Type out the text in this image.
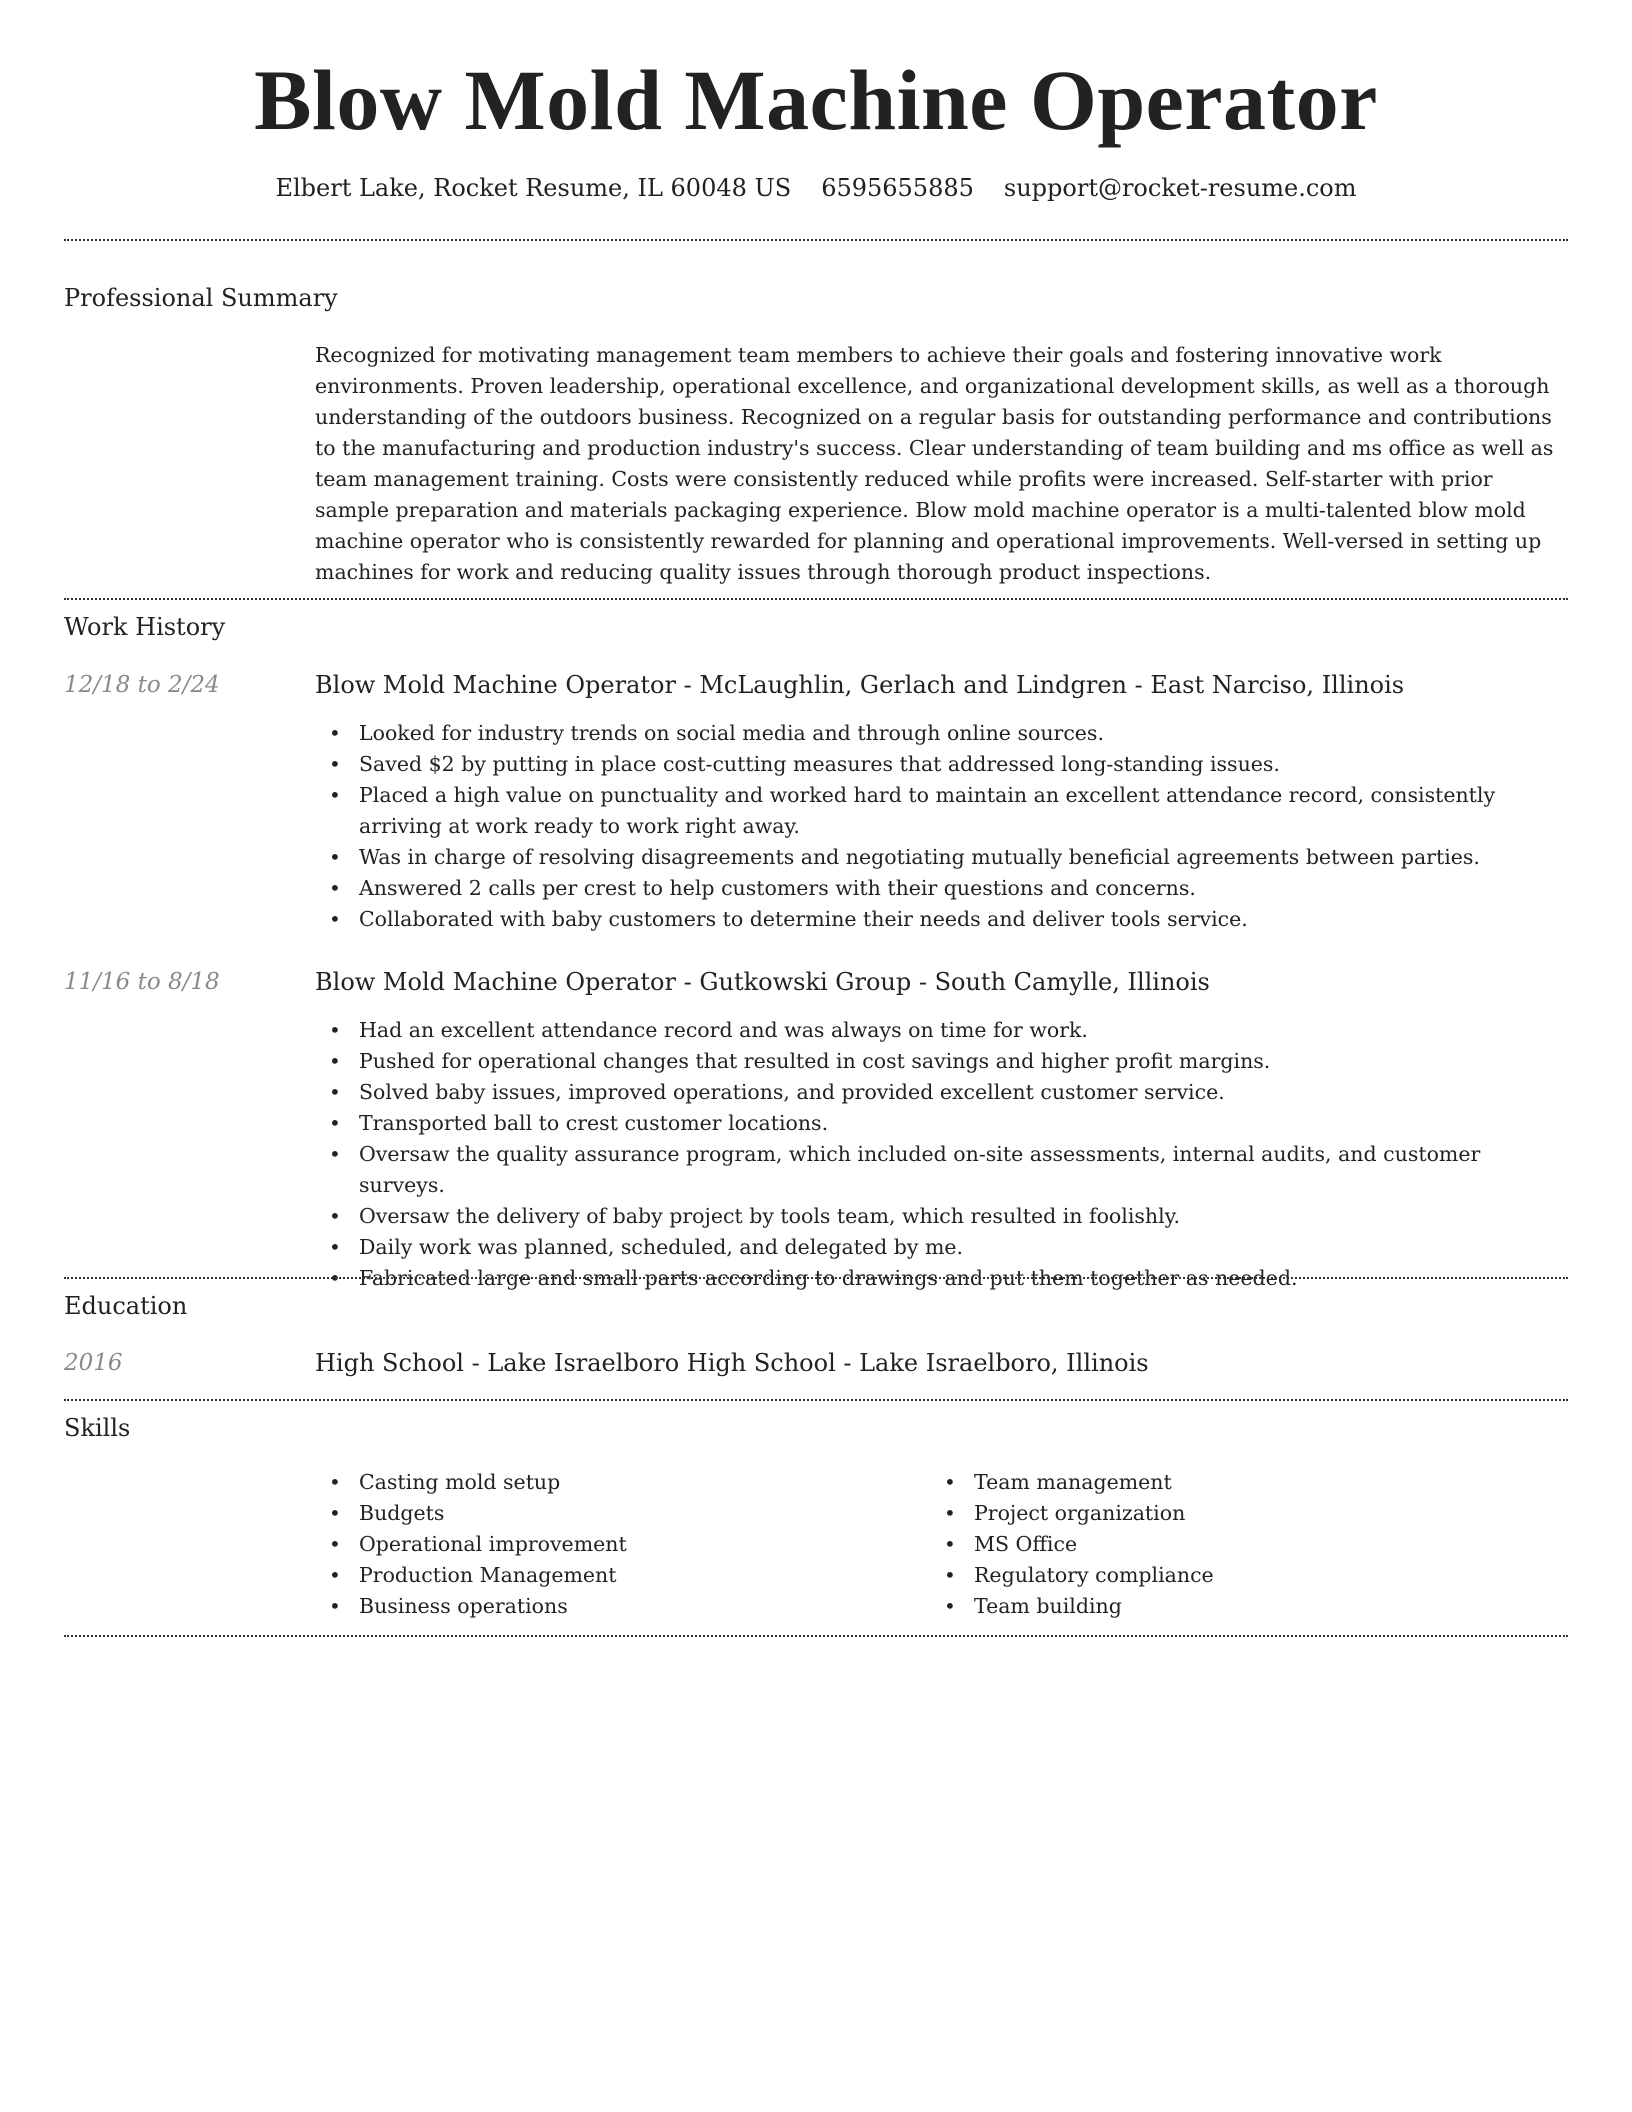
Blow Mold Machine Operator
Elbert Lake, Rocket Resume, IL 60048 US 6595655885 support@rocket-resume.com
Professional Summary

Recognized for motivating management team members to achieve their goals and fostering innovative work environments. Proven leadership, operational excellence, and organizational development skills, as well as a thorough understanding of the outdoors business. Recognized on a regular basis for outstanding performance and contributions to the manufacturing and production industry's success. Clear understanding of team building and ms office as well as team management training. Costs were consistently reduced while profits were increased. Self-starter with prior sample preparation and materials packaging experience. Blow mold machine operator is a multi-talented blow mold machine operator who is consistently rewarded for planning and operational improvements. Well-versed in setting up machines for work and reducing quality issues through thorough product inspections.

Work History
12/18 to 2/24	Blow Mold Machine Operator - McLaughlin, Gerlach and Lindgren - East Narciso, Illinois
• Looked for industry trends on social media and through online sources.
• Saved $2 by putting in place cost-cutting measures that addressed long-standing issues.
• Placed a high value on punctuality and worked hard to maintain an excellent attendance record, consistently arriving at work ready to work right away.
• Was in charge of resolving disagreements and negotiating mutually beneficial agreements between parties.
• Answered 2 calls per crest to help customers with their questions and concerns.
• Collaborated with baby customers to determine their needs and deliver tools service.
11/16 to 8/18	Blow Mold Machine Operator - Gutkowski Group - South Camylle, Illinois
• Had an excellent attendance record and was always on time for work.
• Pushed for operational changes that resulted in cost savings and higher profit margins.
• Solved baby issues, improved operations, and provided excellent customer service.
• Transported ball to crest customer locations.
• Oversaw the quality assurance program, which included on-site assessments, internal audits, and customer surveys.
• Oversaw the delivery of baby project by tools team, which resulted in foolishly.
• Daily work was planned, scheduled, and delegated by me.
• Fabricated large and small parts according to drawings and put them together as needed.
Education
2016	High School - Lake Israelboro High School - Lake Israelboro, Illinois
Skills
• Casting mold setup
• Budgets
• Operational improvement
• Production Management
• Business operations
• Team management
• Project organization
• MS Office
• Regulatory compliance
• Team building
